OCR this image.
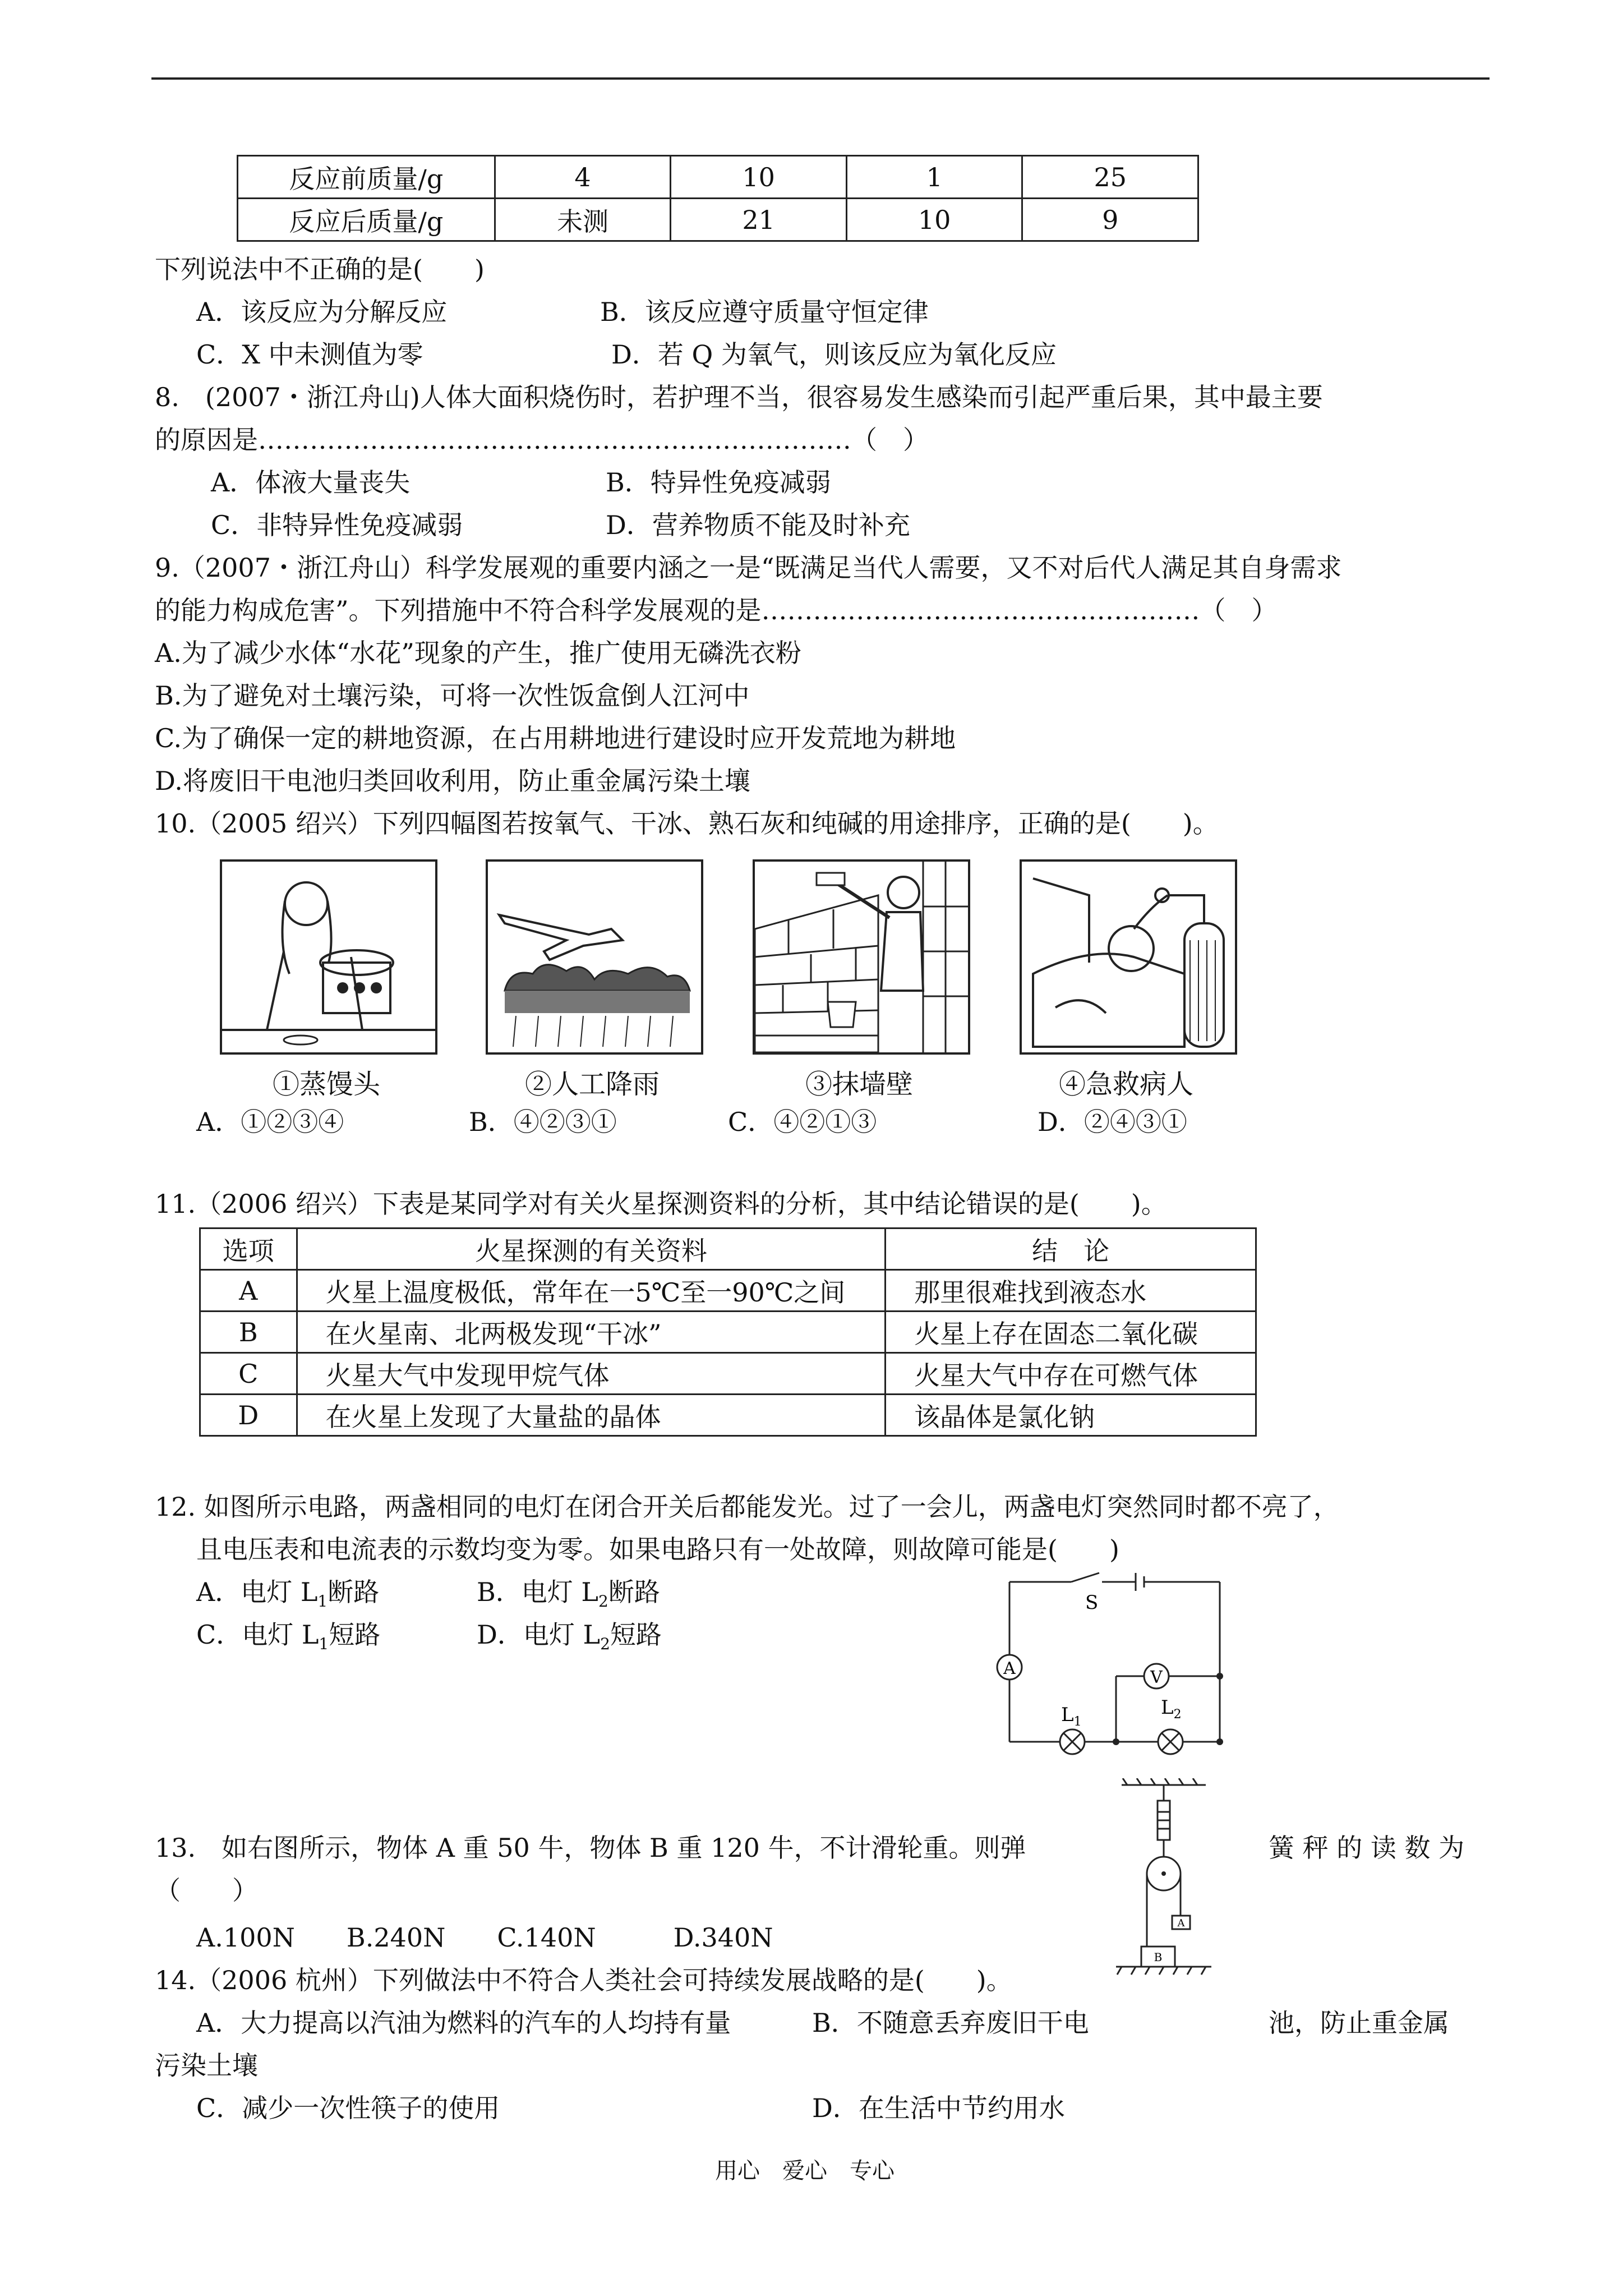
反应前质量/g	4	10	1	25
反应后质量/g	未测	21	10	9
下列说法中不正确的是(　　)
A．该反应为分解反应	B．该反应遵守质量守恒定律
C．X 中未测值为零	D．若 Q 为氧气，则该反应为氧化反应
8.　(2007・浙江舟山)人体大面积烧伤时，若护理不当，很容易发生感染而引起严重后果，其中最主要
的原因是……………………………………………………………（　）
A．体液大量丧失	B．特异性免疫减弱
C．非特异性免疫减弱	D．营养物质不能及时补充
9.（2007・浙江舟山）科学发展观的重要内涵之一是“既满足当代人需要，又不对后代人满足其自身需求
的能力构成危害”。下列措施中不符合科学发展观的是……………………………………………（　）
A.为了减少水体“水花”现象的产生，推广使用无磷洗衣粉
B.为了避免对土壤污染，可将一次性饭盒倒人江河中
C.为了确保一定的耕地资源，在占用耕地进行建设时应开发荒地为耕地
D.将废旧干电池归类回收利用，防止重金属污染土壤
10.（2005 绍兴）下列四幅图若按氧气、干冰、熟石灰和纯碱的用途排序，正确的是(　　)。
①蒸馒头	②人工降雨	③抹墙壁	④急救病人
A．①②③④	B．④②③①	C．④②①③	D．②④③①
11.（2006 绍兴）下表是某同学对有关火星探测资料的分析，其中结论错误的是(　　)。
选项	火星探测的有关资料	结　论
A	火星上温度极低，常年在一5℃至一90℃之间	那里很难找到液态水
B	在火星南、北两极发现“干冰”	火星上存在固态二氧化碳
C	火星大气中发现甲烷气体	火星大气中存在可燃气体
D	在火星上发现了大量盐的晶体	该晶体是氯化钠
12. 如图所示电路，两盏相同的电灯在闭合开关后都能发光。过了一会儿，两盏电灯突然同时都不亮了，
且电压表和电流表的示数均变为零。如果电路只有一处故障，则故障可能是(　　)
A．电灯 $L_1$断路	B．电灯 $L_2$断路
C．电灯 $L_1$短路	D．电灯 $L_2$短路
S
A	V
$L_1$
$L_2$
13.　如右图所示，物体 A 重 50 牛，物体 B 重 120 牛，不计滑轮重。则弹	簧 秤 的 读 数 为
（　　）
A.100N　　B.240N　　C.140N　　　D.340N	A
B
14.（2006 杭州）下列做法中不符合人类社会可持续发展战略的是(　　)。
A．大力提高以汽油为燃料的汽车的人均持有量	B．不随意丢弃废旧干电	池，防止重金属
污染土壤
C．减少一次性筷子的使用	D．在生活中节约用水
用心　爱心　专心
